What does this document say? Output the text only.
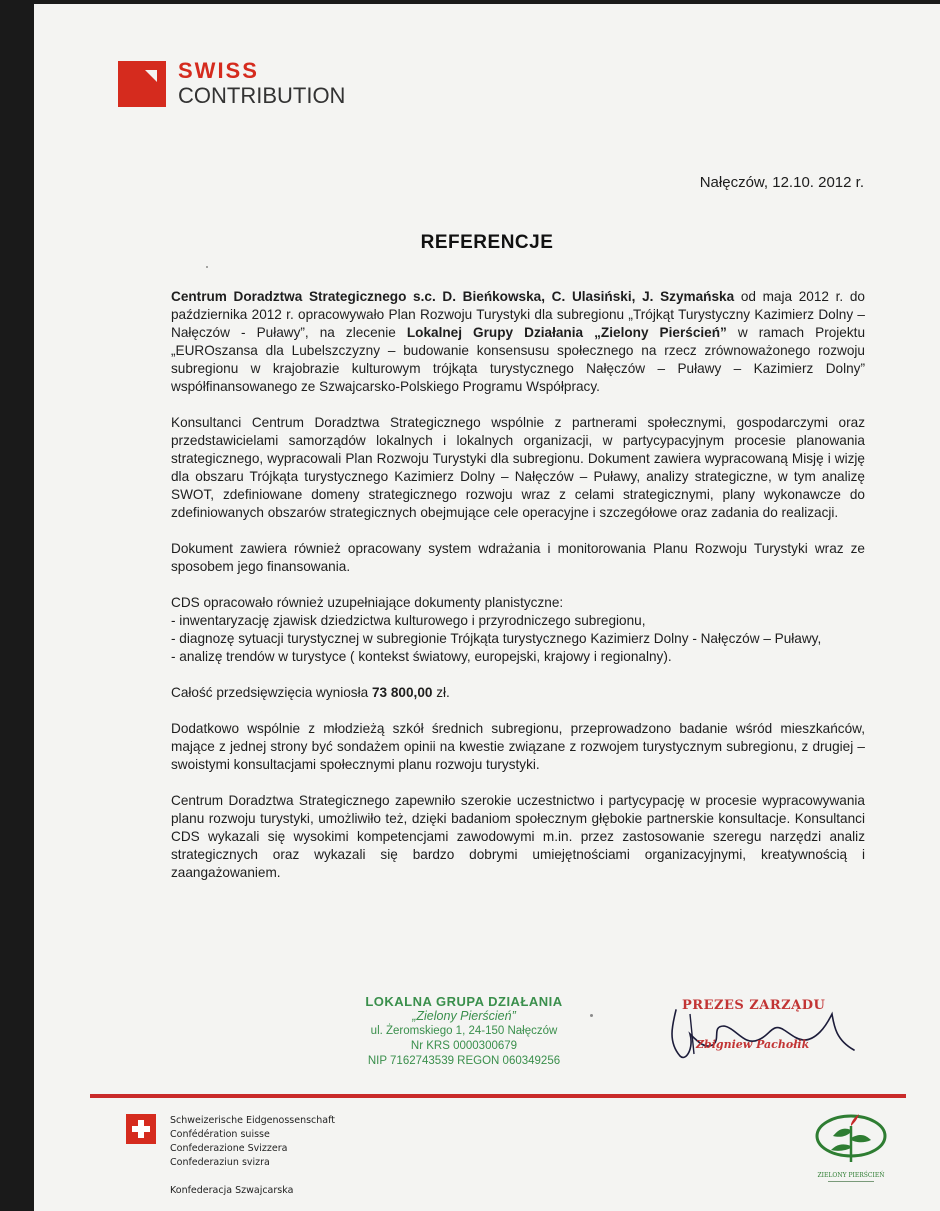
SWISS
CONTRIBUTION
Nałęczów, 12.10. 2012 r.
REFERENCJE

Centrum Doradztwa Strategicznego s.c. D. Bieńkowska, C. Ulasiński, J. Szymańska od maja 2012 r. do października 2012 r. opracowywało Plan Rozwoju Turystyki dla subregionu „Trójkąt Turystyczny Kazimierz Dolny – Nałęczów - Puławy”, na zlecenie Lokalnej Grupy Działania „Zielony Pierścień” w ramach Projektu „EUROszansa dla Lubelszczyzny – budowanie konsensusu społecznego na rzecz zrównoważonego rozwoju subregionu w krajobrazie kulturowym trójkąta turystycznego Nałęczów – Puławy – Kazimierz Dolny” współfinansowanego ze Szwajcarsko-Polskiego Programu Współpracy.

Konsultanci Centrum Doradztwa Strategicznego wspólnie z partnerami społecznymi, gospodarczymi oraz przedstawicielami samorządów lokalnych i lokalnych organizacji, w partycypacyjnym procesie planowania strategicznego, wypracowali Plan Rozwoju Turystyki dla subregionu. Dokument zawiera wypracowaną Misję i wizję dla obszaru Trójkąta turystycznego Kazimierz Dolny – Nałęczów – Puławy, analizy strategiczne, w tym analizę SWOT, zdefiniowane domeny strategicznego rozwoju wraz z celami strategicznymi, plany wykonawcze do zdefiniowanych obszarów strategicznych obejmujące cele operacyjne i szczegółowe oraz zadania do realizacji.

Dokument zawiera również opracowany system wdrażania i monitorowania Planu Rozwoju Turystyki wraz ze sposobem jego finansowania.

CDS opracowało również uzupełniające dokumenty planistyczne:
- inwentaryzację zjawisk dziedzictwa kulturowego i przyrodniczego subregionu,
- diagnozę sytuacji turystycznej w subregionie Trójkąta turystycznego Kazimierz Dolny - Nałęczów – Puławy,
- analizę trendów w turystyce ( kontekst światowy, europejski, krajowy i regionalny).

Całość przedsięwzięcia wyniosła 73 800,00 zł.

Dodatkowo wspólnie z młodzieżą szkół średnich subregionu, przeprowadzono badanie wśród mieszkańców, mające z jednej strony być sondażem opinii na kwestie związane z rozwojem turystycznym subregionu, z drugiej – swoistymi konsultacjami społecznymi planu rozwoju turystyki.

Centrum Doradztwa Strategicznego zapewniło szerokie uczestnictwo i partycypację w procesie wypracowywania planu rozwoju turystyki, umożliwiło też, dzięki badaniom społecznym głębokie partnerskie konsultacje. Konsultanci CDS wykazali się wysokimi kompetencjami zawodowymi m.in. przez zastosowanie szeregu narzędzi analiz strategicznych oraz wykazali się bardzo dobrymi umiejętnościami organizacyjnymi, kreatywnością i zaangażowaniem.

LOKALNA GRUPA DZIAŁANIA
„Zielony Pierścień”
ul. Żeromskiego 1, 24-150 Nałęczów
Nr KRS 0000300679
NIP 7162743539 REGON 060349256
PREZES ZARZĄDU
Zbigniew Pachołik
Schweizerische Eidgenossenschaft
Confédération suisse
Confederazione Svizzera
Confederaziun svizra
Konfederacja Szwajcarska
ZIELONY PIERŚCIEŃ
